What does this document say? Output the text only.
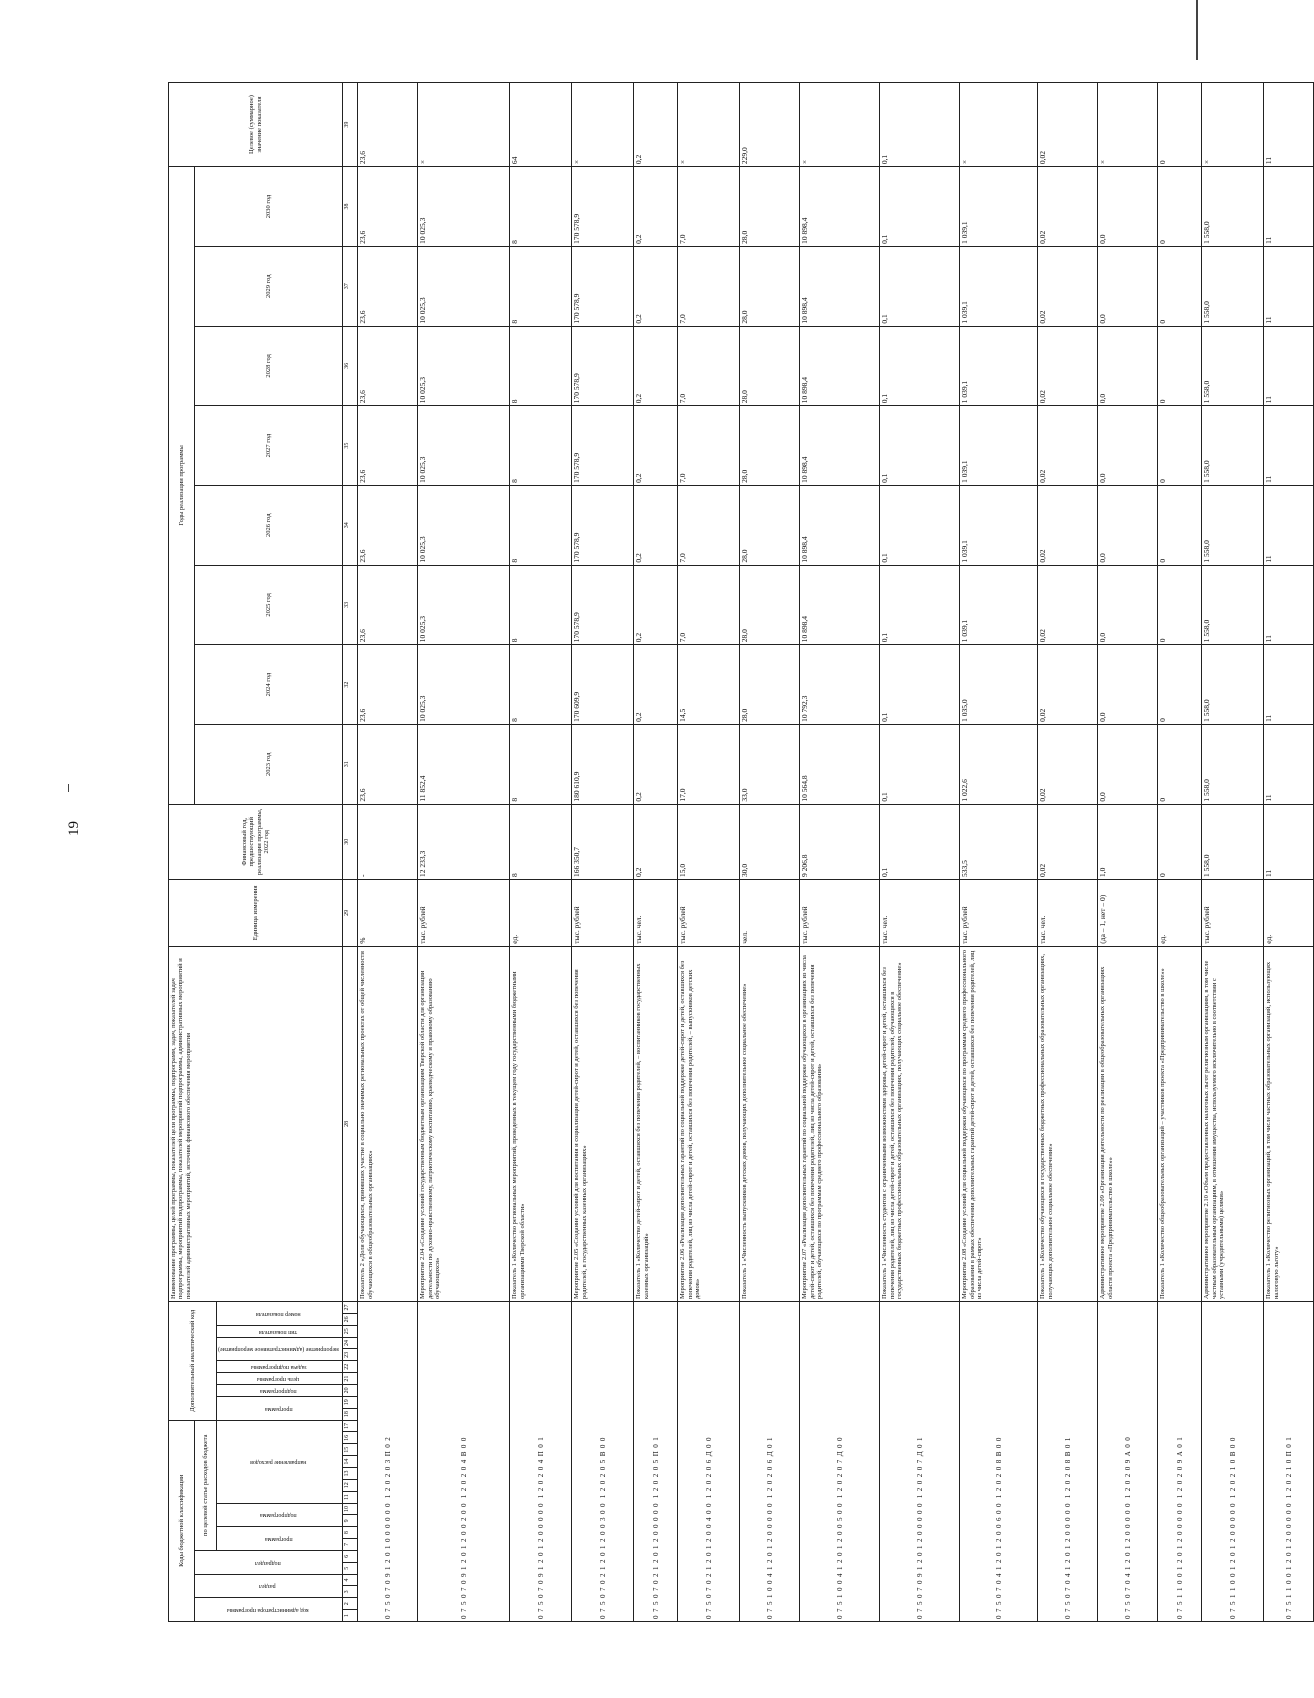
19
Коды бюджетной классификации																	Дополнительный аналитический код										Наименование программы, целей программы, показателей цели программы, подпрограмм, задач, показателей задач подпрограммы, мероприятий подпрограммы, показателей мероприятий подпрограммы, административных мероприятий и показателей административных мероприятий, источник финансового обеспечения мероприятия	Единица измерения	Финансовый год, предшествующий реализации программы, 2022 год	Годы реализации программы								Целевое (суммарное) значение показателя
код администратора программы		раздел		подраздел		по целевой статье расходов бюджета																								2023 год	2024 год	2025 год	2026 год	2027 год	2028 год	2029 год	2030 год	
						программа		подпрограмма		направление расходов							программа		подпрограмма	цель программы	задача подпрограммы	мероприятие (административное мероприятие)		тип показателя	номер показателя													
1	2	3	4	5	6	7	8	9	10	11	12	13	14	15	16	17	18	19	20	21	22	23	24	25	26	27	28	29	30	31	32	33	34	35	36	37	38	39
0  7  5  0  7  0  9  1  2  0  1  0  0  0  0  0  0   1  2  0  2  0  3  П  0  2																											Показатель 2 «Доля обучающихся, принявших участие в социально значимых региональных проектах от общей численности обучающихся в общеобразовательных организациях»	%	-	23,6	23,6	23,6	23,6	23,6	23,6	23,6	23,6	23,6
0  7  5  0  7  0  9  1  2  0  1  2  0  0  2  0  0   1  2  0  2  0  4  В  0  0																											Мероприятие 2.04 «Создание условий государственным бюджетным организациям Тверской области для организации деятельности по духовно-нравственному, патриотическому воспитанию, краеведческому и правовому образованию обучающихся»	тыс. рублей	12 233,3	11 852,4	10 025,3	10 025,3	10 025,3	10 025,3	10 025,3	10 025,3	10 025,3	×
0  7  5  0  7  0  9  1  2  0  1  2  0  0  0  0  0   1  2  0  2  0  4  П  0  1																											Показатель 1 «Количество региональных мероприятий, проведенных в текущем году государственными бюджетными организациями Тверской области»	ед.	8	8	8	8	8	8	8	8	8	64
0  7  5  0  7  0  2  1  2  0  1  2  0  0  3  0  0   1  2  0  2  0  5  В  0  0																											Мероприятие 2.05 «Создание условий для воспитания и социализации детей-сирот и детей, оставшихся без попечения родителей, в государственных казенных организациях»	тыс. рублей	166 350,7	180 610,9	170 609,9	170 578,9	170 578,9	170 578,9	170 578,9	170 578,9	170 578,9	×
0  7  5  0  7  0  2  1  2  0  1  2  0  0  0  0  0   1  2  0  2  0  5  П  0  1																											Показатель 1 «Количество детей-сирот и детей, оставшихся без попечения родителей, – воспитанников государственных казенных организаций»	тыс. чел.	0,2	0,2	0,2	0,2	0,2	0,2	0,2	0,2	0,2	0,2
0  7  5  0  7  0  2  1  2  0  1  2  0  0  4  0  0   1  2  0  2  0  6  Д  0  0																											Мероприятие 2.06 «Реализация дополнительных гарантий по социальной поддержке детей-сирот и детей, оставшихся без попечения родителей, лиц из числа детей-сирот и детей, оставшихся без попечения родителей, – выпускников детских домов»	тыс. рублей	15,0	17,0	14,5	7,0	7,0	7,0	7,0	7,0	7,0	×
0  7  5  1  0  0  4  1  2  0  1  2  0  0  0  0  0   1  2  0  2  0  6  Д  0  1																											Показатель 1 «Численность выпускников детских домов, получающих дополнительное социальное обеспечение»	чел.	30,0	33,0	28,0	28,0	28,0	28,0	28,0	28,0	28,0	229,0
0  7  5  1  0  0  4  1  2  0  1  2  0  0  5  0  0   1  2  0  2  0  7  Д  0  0																											Мероприятие 2.07 «Реализация дополнительных гарантий по социальной поддержке обучающихся в организациях из числа детей-сирот и детей, оставшихся без попечения родителей, лиц из числа детей-сирот и детей, оставшихся без попечения родителей, обучающихся по программам среднего профессионального образования»	тыс. рублей	9 206,8	10 564,8	10 792,3	10 898,4	10 898,4	10 898,4	10 898,4	10 898,4	10 898,4	×
0  7  5  0  7  0  9  1  2  0  1  2  0  0  0  0  0   1  2  0  2  0  7  Д  0  1																											Показатель 1 «Численность студентов с ограниченными возможностями здоровья, детей-сирот и детей, оставшихся без попечения родителей, лиц из числа детей-сирот и детей, оставшихся без попечения родителей, обучающихся в государственных бюджетных профессиональных образовательных организациях, получающих социальное обеспечение»	тыс. чел.	0,1	0,1	0,1	0,1	0,1	0,1	0,1	0,1	0,1	0,1
0  7  5  0  7  0  4  1  2  0  1  2  0  0  6  0  0   1  2  0  2  0  8  В  0  0																											Мероприятие 2.08 «Создание условий для социальной поддержки обучающихся по программам среднего профессионального образования в рамках обеспечения дополнительных гарантий детей-сирот и детей, оставшихся без попечения родителей, лиц из числа детей-сирот»	тыс. рублей	533,5	1 022,6	1 035,0	1 039,1	1 039,1	1 039,1	1 039,1	1 039,1	1 039,1	×
0  7  5  0  7  0  4  1  2  0  1  2  0  0  0  0  0   1  2  0  2  0  8  В  0  1																											Показатель 1 «Количество обучающихся в государственных бюджетных профессиональных образовательных организациях, получающих дополнительное социальное обеспечение»	тыс. чел.	0,02	0,02	0,02	0,02	0,02	0,02	0,02	0,02	0,02	0,02
0  7  5  0  7  0  4  1  2  0  1  2  0  0  0  0  0   1  2  0  2  0  9  А  0  0																											Административное мероприятие 2.09 «Организация деятельности по реализации в общеобразовательных организациях области проекта «Предпринимательство в школе»»	(да – 1, нет – 0)	1,0	0,0	0,0	0,0	0,0	0,0	0,0	0,0	0,0	×
0  7  5  1  1  0  0  1  2  0  1  2  0  0  0  0  0   1  2  0  2  0  9  А  0  1																											Показатель 1 «Количество общеобразовательных организаций – участников проекта «Предпринимательство в школе»»	ед.	0	0	0	0	0	0	0	0	0	0
0  7  5  1  1  0  0  1  2  0  1  2  0  0  0  0  0   1  2  0  2  1  0  В  0  0																											Административное мероприятие 2.10 «Объем предоставленных налоговых льгот религиозным организациям, в том числе частным образовательным организациям, в отношении имущества, используемого исключительно в соответствии с уставными (учредительными) целями»	тыс. рублей	1 558,0	1 558,0	1 558,0	1 558,0	1 558,0	1 558,0	1 558,0	1 558,0	1 558,0	×
0  7  5  1  1  0  0  1  2  0  1  2  0  0  0  0  0   1  2  0  2  1  0  П  0  1																											Показатель 1 «Количество религиозных организаций, в том числе частных образовательных организаций, использующих налоговую льготу»	ед.	11	11	11	11	11	11	11	11	11	11
